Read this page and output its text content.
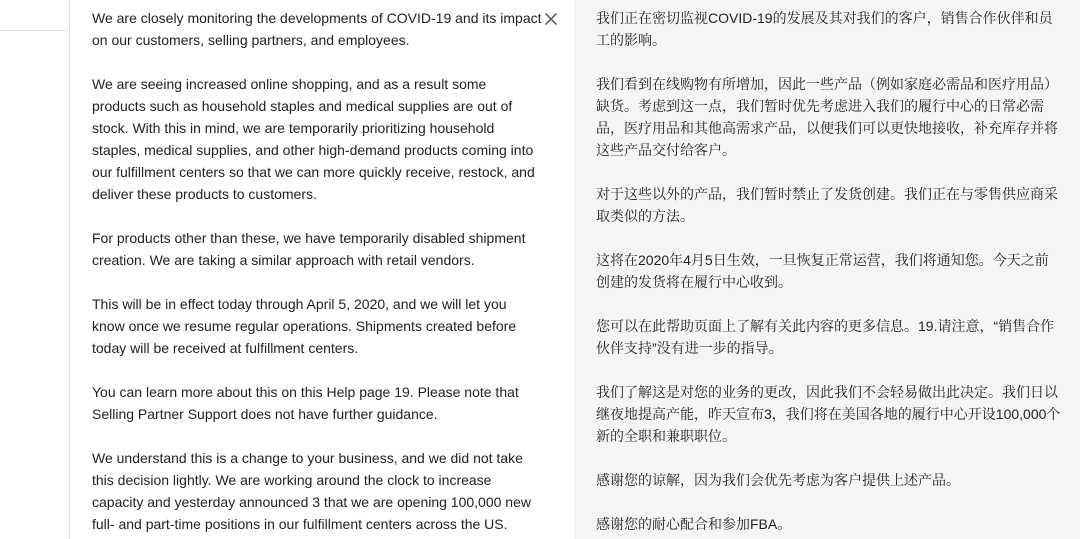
We are closely monitoring the developments of COVID-19 and its impact on our customers, selling partners, and employees.

We are seeing increased online shopping, and as a result some products such as household staples and medical supplies are out of stock. With this in mind, we are temporarily prioritizing household staples, medical supplies, and other high-demand products coming into our fulfillment centers so that we can more quickly receive, restock, and deliver these products to customers.

For products other than these, we have temporarily disabled shipment creation. We are taking a similar approach with retail vendors.

This will be in effect today through April 5, 2020, and we will let you know once we resume regular operations. Shipments created before today will be received at fulfillment centers.

You can learn more about this on this Help page 19. Please note that Selling Partner Support does not have further guidance.

We understand this is a change to your business, and we did not take this decision lightly. We are working around the clock to increase capacity and yesterday announced 3 that we are opening 100,000 new full- and part-time positions in our fulfillment centers across the US.

我们正在密切监视COVID-19的发展及其对我们的客户，销售合作伙伴和员工的影响。

我们看到在线购物有所增加，因此一些产品（例如家庭必需品和医疗用品）缺货。考虑到这一点，我们暂时优先考虑进入我们的履行中心的日常必需品，医疗用品和其他高需求产品，以便我们可以更快地接收，补充库存并将这些产品交付给客户。

对于这些以外的产品，我们暂时禁止了发货创建。我们正在与零售供应商采取类似的方法。

这将在2020年4月5日生效，一旦恢复正常运营，我们将通知您。今天之前创建的发货将在履行中心收到。

您可以在此帮助页面上了解有关此内容的更多信息。19.请注意，“销售合作伙伴支持”没有进一步的指导。

我们了解这是对您的业务的更改，因此我们不会轻易做出此决定。我们日以继夜地提高产能，昨天宣布3，我们将在美国各地的履行中心开设100,000个新的全职和兼职职位。

感谢您的谅解，因为我们会优先考虑为客户提供上述产品。

感谢您的耐心配合和参加FBA。
